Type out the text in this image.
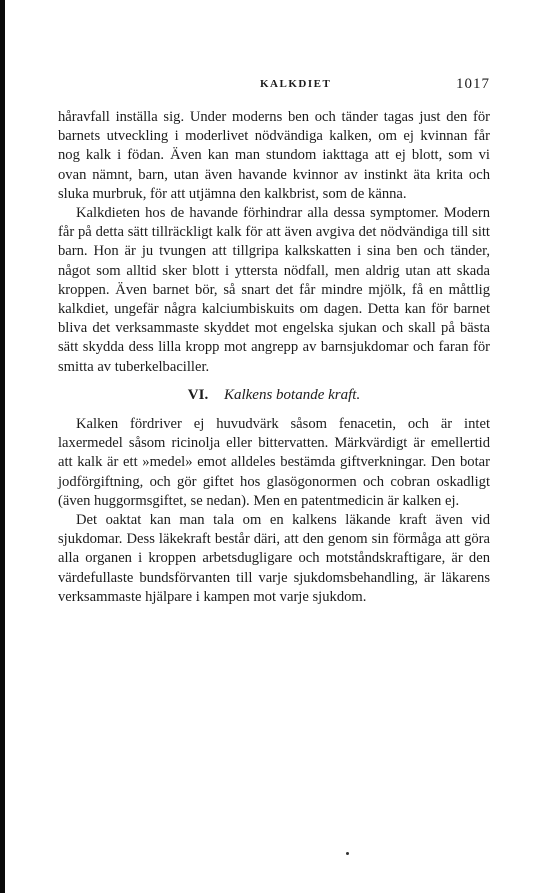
KALKDIET	1017

håravfall inställa sig. Under moderns ben och tänder tagas just den för barnets utveckling i moderlivet nödvändiga kalken, om ej kvinnan får nog kalk i födan. Även kan man stundom iakttaga att ej blott, som vi ovan nämnt, barn, utan även havande kvinnor av instinkt äta krita och sluka murbruk, för att utjämna den kalkbrist, som de känna.

Kalkdieten hos de havande förhindrar alla dessa symptomer. Modern får på detta sätt tillräckligt kalk för att även avgiva det nödvändiga till sitt barn. Hon är ju tvungen att tillgripa kalkskatten i sina ben och tänder, något som alltid sker blott i yttersta nödfall, men aldrig utan att skada kroppen. Även barnet bör, så snart det får mindre mjölk, få en måttlig kalkdiet, ungefär några kalciumbiskuits om dagen. Detta kan för barnet bliva det verksammaste skyddet mot engelska sjukan och skall på bästa sätt skydda dess lilla kropp mot angrepp av barnsjukdomar och faran för smitta av tuberkelbaciller.

VI. Kalkens botande kraft.

Kalken fördriver ej huvudvärk såsom fenacetin, och är intet laxermedel såsom ricinolja eller bittervatten. Märkvärdigt är emellertid att kalk är ett »medel» emot alldeles bestämda giftverkningar. Den botar jodförgiftning, och gör giftet hos glasögonormen och cobran oskadligt (även huggormsgiftet, se nedan). Men en patentmedicin är kalken ej.

Det oaktat kan man tala om en kalkens läkande kraft även vid sjukdomar. Dess läkekraft består däri, att den genom sin förmåga att göra alla organen i kroppen arbetsdugligare och motståndskraftigare, är den värdefullaste bundsförvanten till varje sjukdomsbehandling, är läkarens verksammaste hjälpare i kampen mot varje sjukdom.
